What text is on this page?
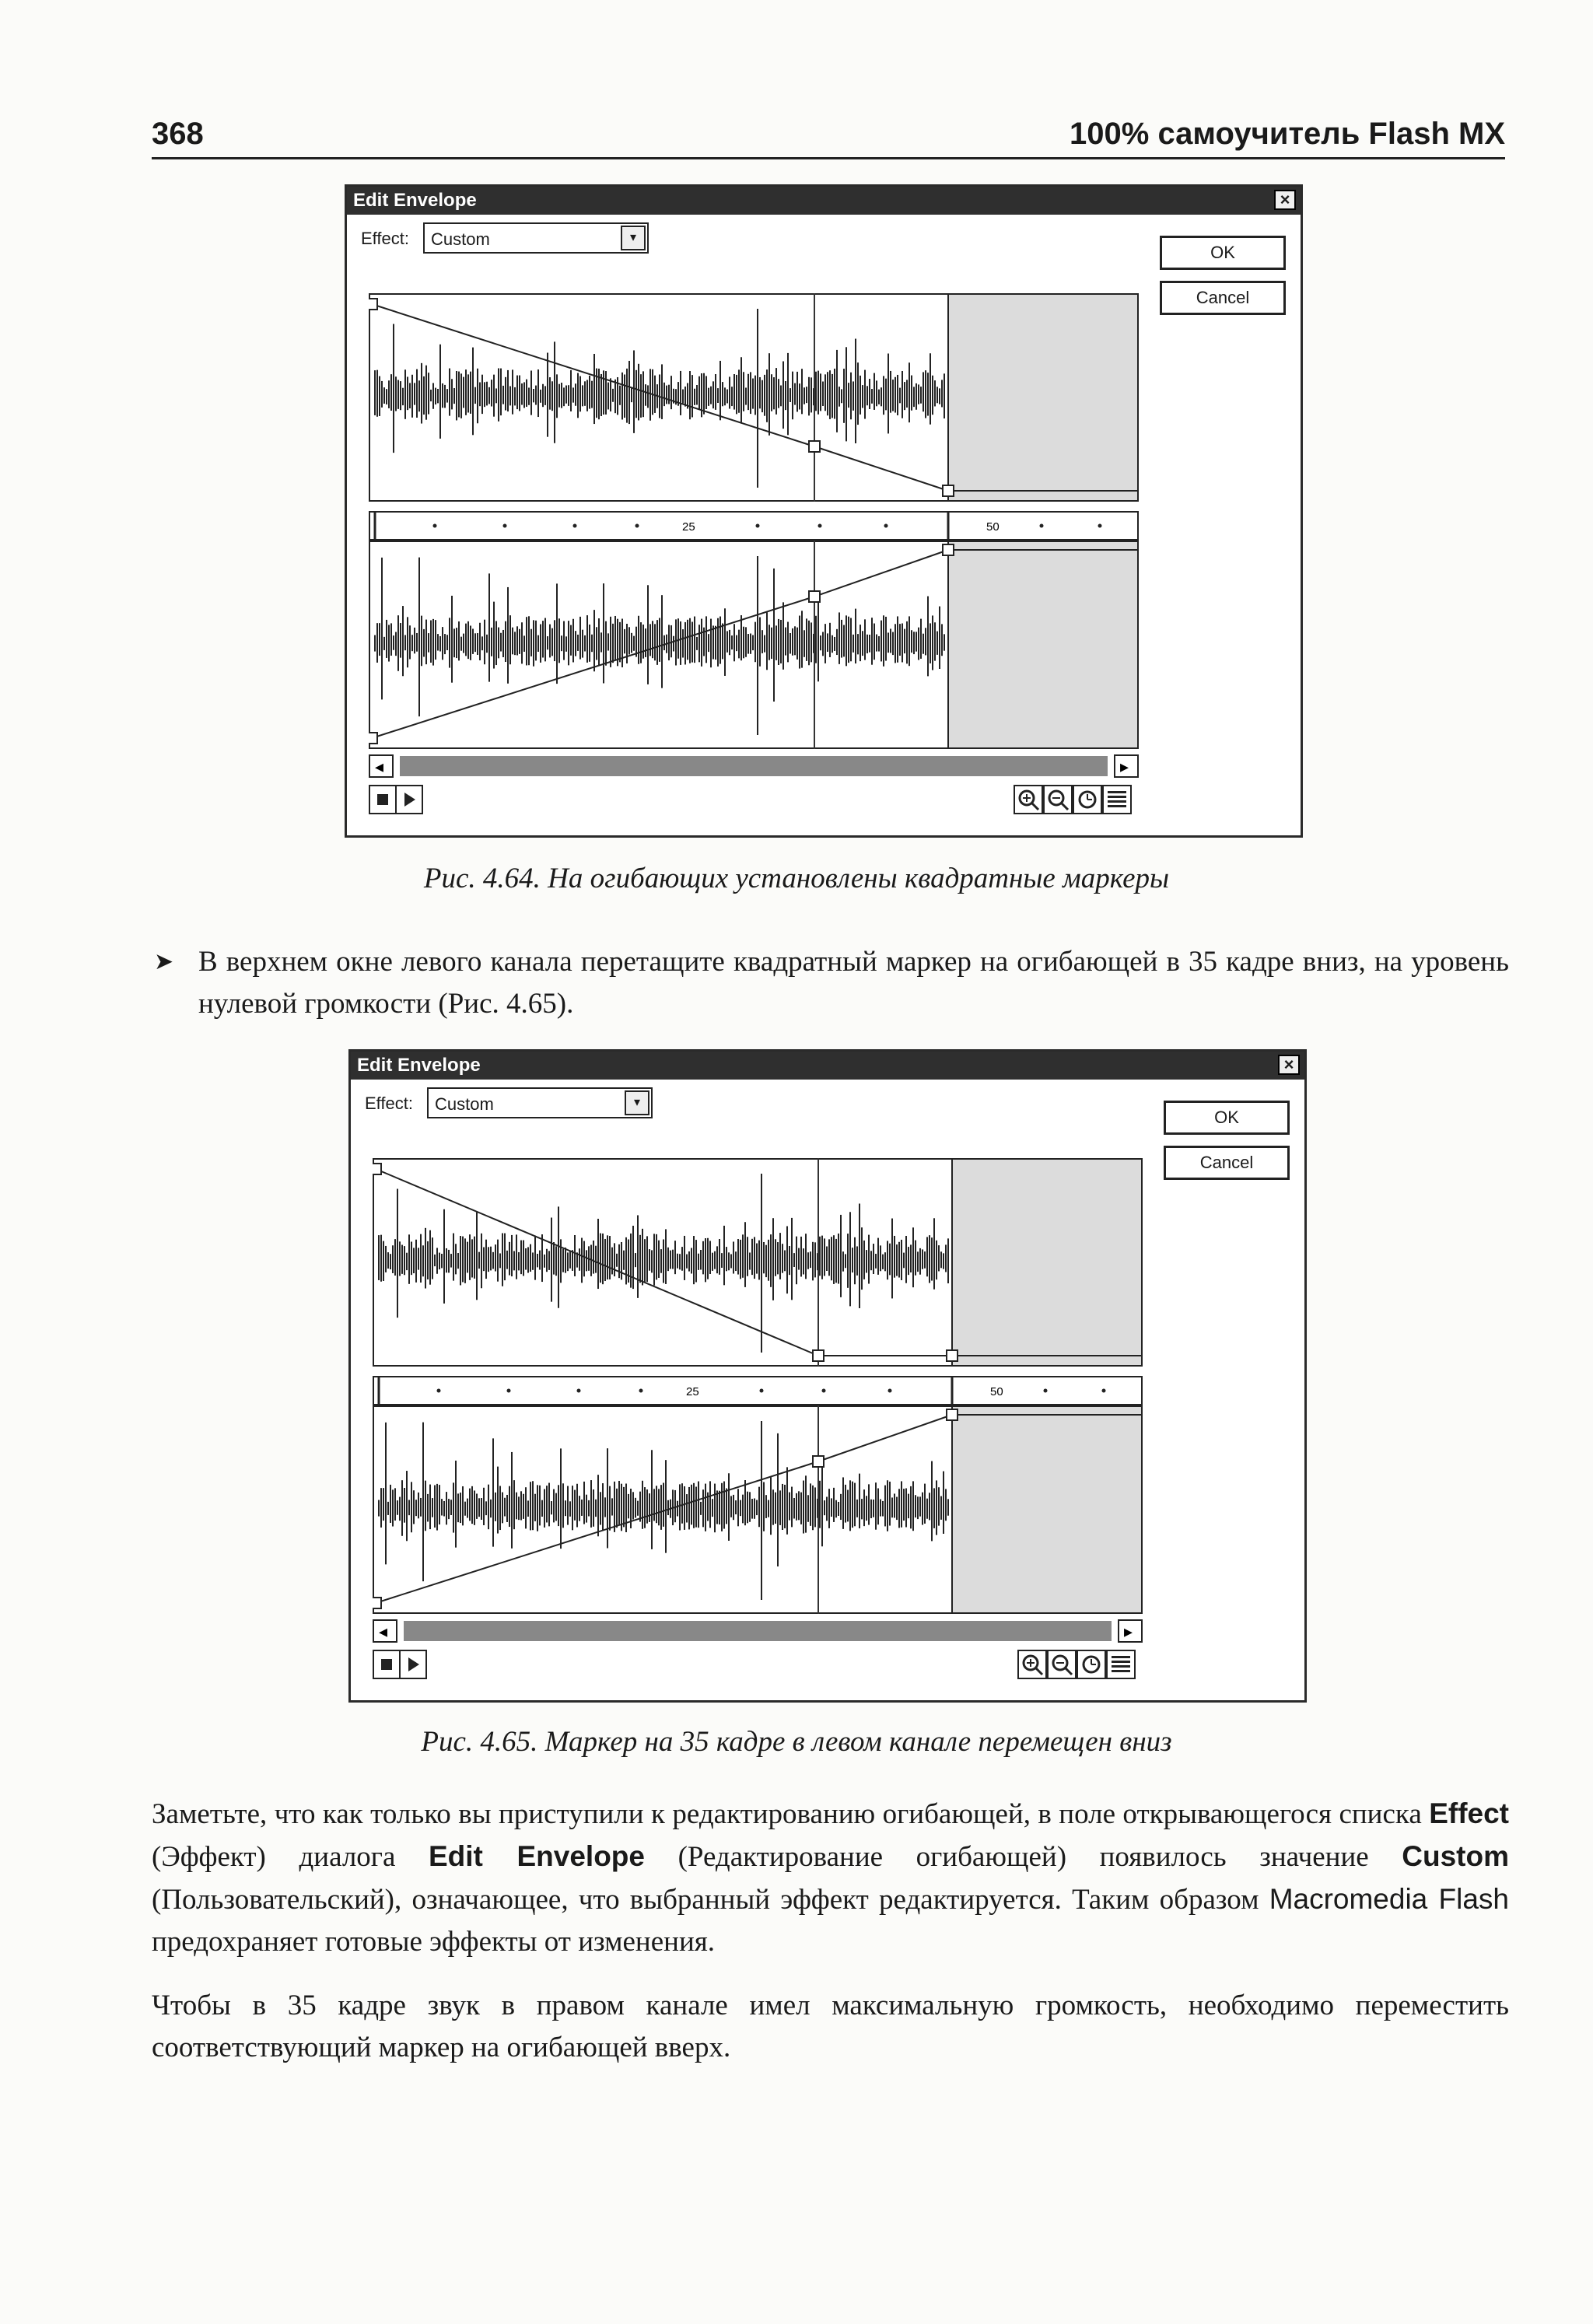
368	100% самоучитель Flash MX
Edit Envelope	×
Effect: Custom	▾
OK
Cancel
25	50
◂	▸
Рис. 4.64. На огибающих установлены квадратные маркеры
➤ В верхнем окне левого канала перетащите квадратный маркер на огибающей в 35 кадре вниз, на уровень нулевой громкости (Рис. 4.65).
Edit Envelope	×
Effect: Custom	▾
OK
Cancel
25	50
◂	▸
Рис. 4.65. Маркер на 35 кадре в левом канале перемещен вниз
Заметьте, что как только вы приступили к редактированию огибающей, в поле открывающегося списка Effect (Эффект) диалога Edit Envelope (Редактирование огибающей) появилось значение Custom (Пользовательский), означающее, что выбранный эффект редактируется. Таким образом Macromedia Flash предохраняет готовые эффекты от изменения.
Чтобы в 35 кадре звук в правом канале имел максимальную громкость, необходимо переместить соответствующий маркер на огибающей вверх.
